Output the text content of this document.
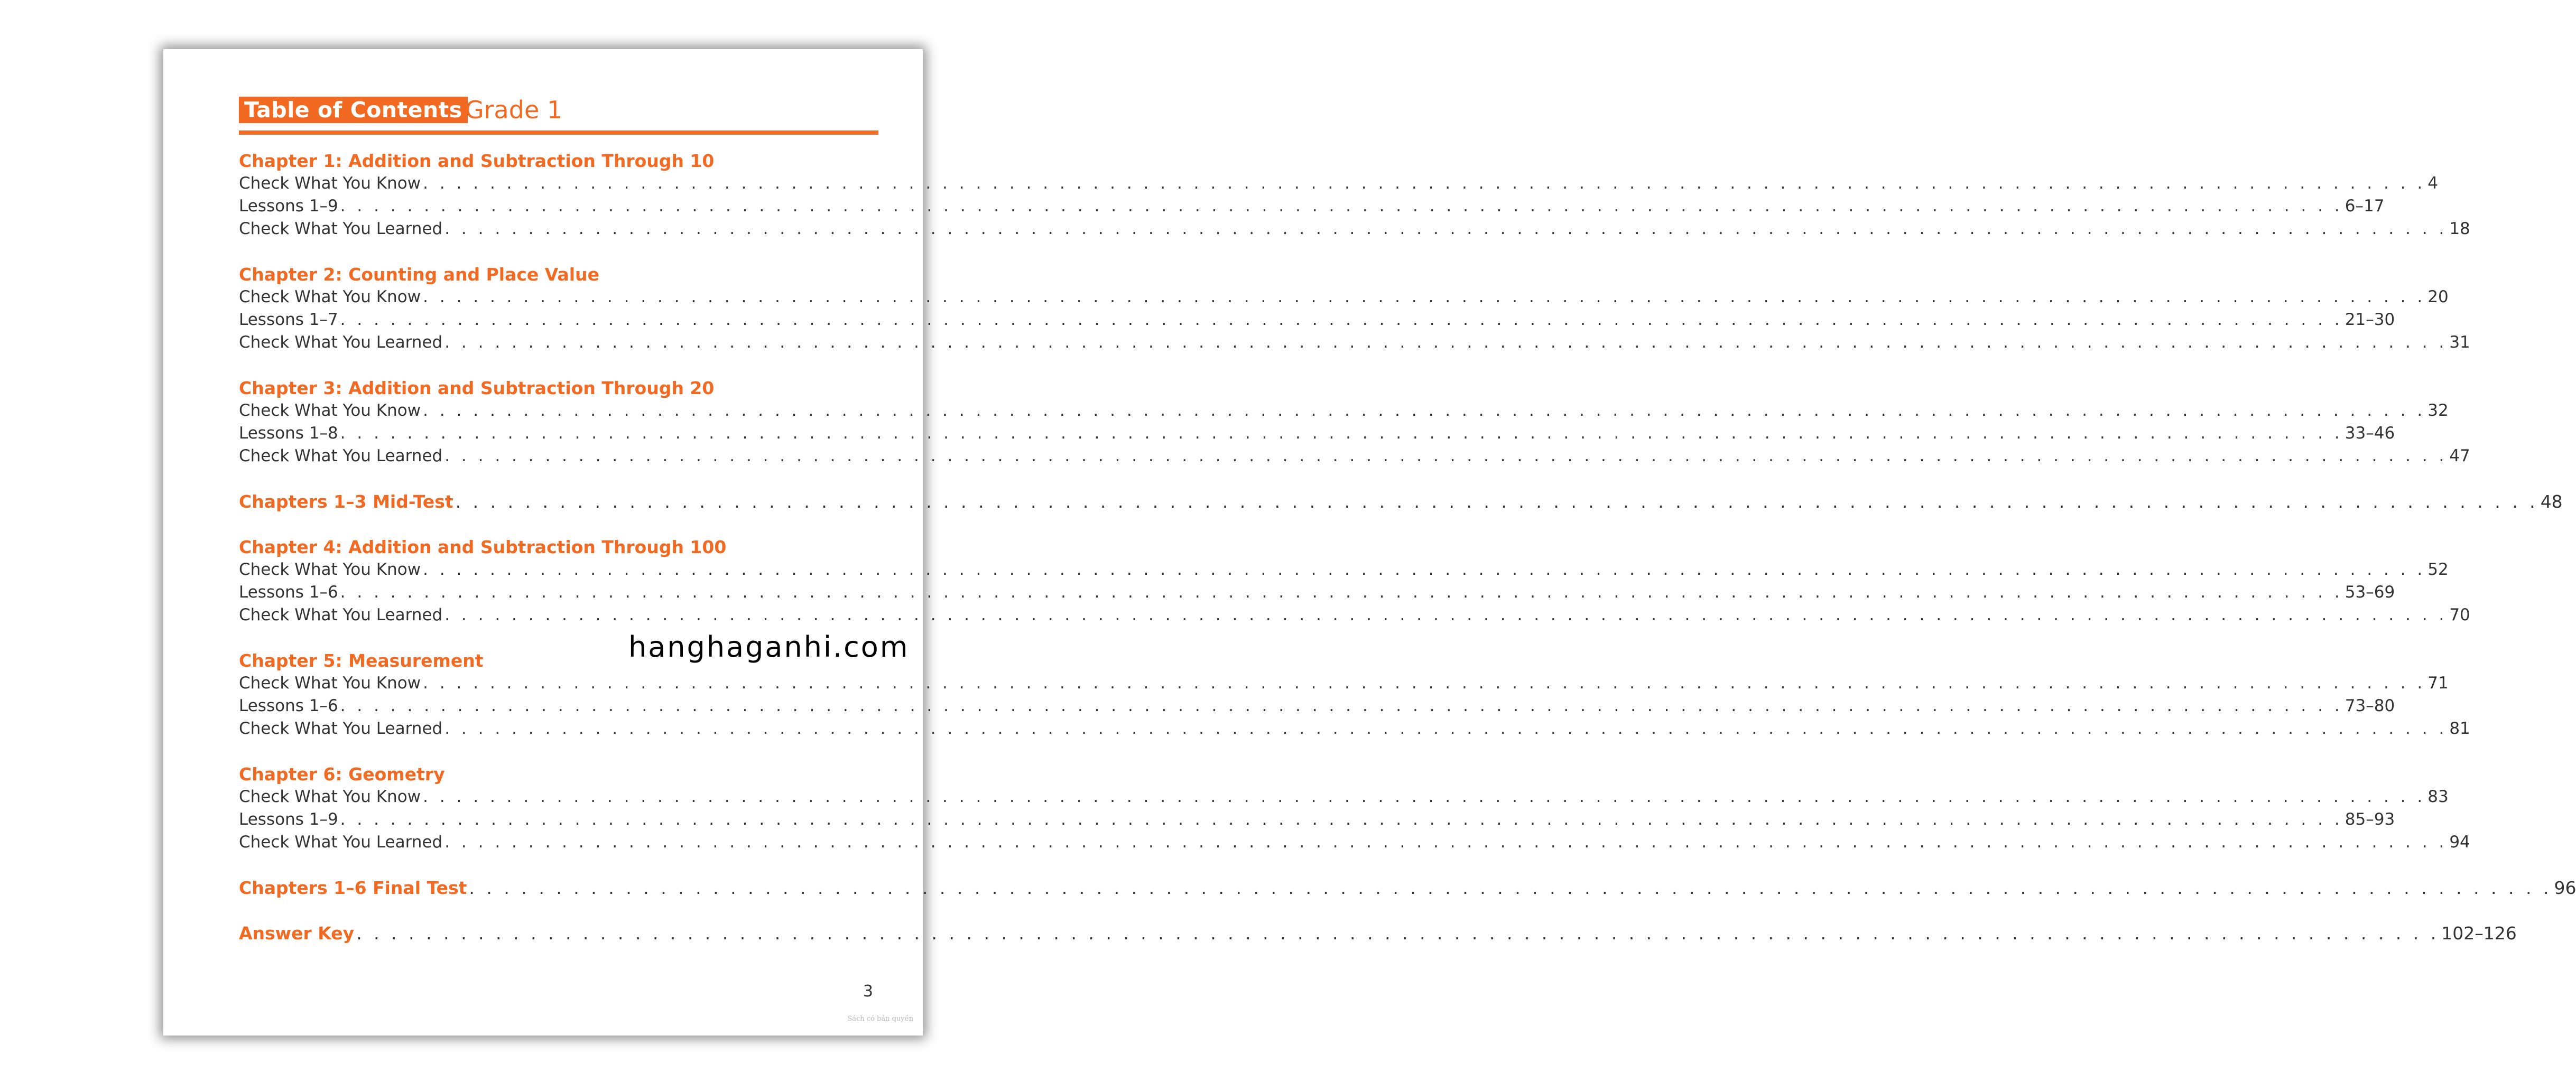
Table of Contents Grade 1
Chapter 1: Addition and Subtraction Through 10
Check What You Know . . . . . . . . . . . . . . . . . . . . . . . . . . . . . . . . . . . . . . . . . . . . . . . . . . . . . . . . . . . . . . . . . . . . . . . . . . . . . . . . . . . . . . . . . . . . . . . . . . . . . . . . . . . . . . . . . . . . . . . . 4
Lessons 1–9 . . . . . . . . . . . . . . . . . . . . . . . . . . . . . . . . . . . . . . . . . . . . . . . . . . . . . . . . . . . . . . . . . . . . . . . . . . . . . . . . . . . . . . . . . . . . . . . . . . . . . . . . . . . . . . . . . . . . . . . . 6–17
Check What You Learned . . . . . . . . . . . . . . . . . . . . . . . . . . . . . . . . . . . . . . . . . . . . . . . . . . . . . . . . . . . . . . . . . . . . . . . . . . . . . . . . . . . . . . . . . . . . . . . . . . . . . . . . . . . . . . . . . . . . . . . . 18
Chapter 2: Counting and Place Value
Check What You Know . . . . . . . . . . . . . . . . . . . . . . . . . . . . . . . . . . . . . . . . . . . . . . . . . . . . . . . . . . . . . . . . . . . . . . . . . . . . . . . . . . . . . . . . . . . . . . . . . . . . . . . . . . . . . . . . . . . . . . . . 20
Lessons 1–7 . . . . . . . . . . . . . . . . . . . . . . . . . . . . . . . . . . . . . . . . . . . . . . . . . . . . . . . . . . . . . . . . . . . . . . . . . . . . . . . . . . . . . . . . . . . . . . . . . . . . . . . . . . . . . . . . . . . . . . . . 21–30
Check What You Learned . . . . . . . . . . . . . . . . . . . . . . . . . . . . . . . . . . . . . . . . . . . . . . . . . . . . . . . . . . . . . . . . . . . . . . . . . . . . . . . . . . . . . . . . . . . . . . . . . . . . . . . . . . . . . . . . . . . . . . . . 31
Chapter 3: Addition and Subtraction Through 20
Check What You Know . . . . . . . . . . . . . . . . . . . . . . . . . . . . . . . . . . . . . . . . . . . . . . . . . . . . . . . . . . . . . . . . . . . . . . . . . . . . . . . . . . . . . . . . . . . . . . . . . . . . . . . . . . . . . . . . . . . . . . . . 32
Lessons 1–8 . . . . . . . . . . . . . . . . . . . . . . . . . . . . . . . . . . . . . . . . . . . . . . . . . . . . . . . . . . . . . . . . . . . . . . . . . . . . . . . . . . . . . . . . . . . . . . . . . . . . . . . . . . . . . . . . . . . . . . . . 33–46
Check What You Learned . . . . . . . . . . . . . . . . . . . . . . . . . . . . . . . . . . . . . . . . . . . . . . . . . . . . . . . . . . . . . . . . . . . . . . . . . . . . . . . . . . . . . . . . . . . . . . . . . . . . . . . . . . . . . . . . . . . . . . . . 47
Chapters 1–3 Mid-Test . . . . . . . . . . . . . . . . . . . . . . . . . . . . . . . . . . . . . . . . . . . . . . . . . . . . . . . . . . . . . . . . . . . . . . . . . . . . . . . . . . . . . . . . . . . . . . . . . . . . . . . . . . . . . . . . . . . . . . . . 48
Chapter 4: Addition and Subtraction Through 100
Check What You Know . . . . . . . . . . . . . . . . . . . . . . . . . . . . . . . . . . . . . . . . . . . . . . . . . . . . . . . . . . . . . . . . . . . . . . . . . . . . . . . . . . . . . . . . . . . . . . . . . . . . . . . . . . . . . . . . . . . . . . . . 52
Lessons 1–6 . . . . . . . . . . . . . . . . . . . . . . . . . . . . . . . . . . . . . . . . . . . . . . . . . . . . . . . . . . . . . . . . . . . . . . . . . . . . . . . . . . . . . . . . . . . . . . . . . . . . . . . . . . . . . . . . . . . . . . . . 53–69
Check What You Learned . . . . . . . . . . . . . . . . . . . . . . . . . . . . . . . . . . . . . . . . . . . . . . . . . . . . . . . . . . . . . . . . . . . . . . . . . . . . . . . . . . . . . . . . . . . . . . . . . . . . . . . . . . . . . . . . . . . . . . . . 70
Chapter 5: Measurement
Check What You Know . . . . . . . . . . . . . . . . . . . . . . . . . . . . . . . . . . . . . . . . . . . . . . . . . . . . . . . . . . . . . . . . . . . . . . . . . . . . . . . . . . . . . . . . . . . . . . . . . . . . . . . . . . . . . . . . . . . . . . . . 71
Lessons 1–6 . . . . . . . . . . . . . . . . . . . . . . . . . . . . . . . . . . . . . . . . . . . . . . . . . . . . . . . . . . . . . . . . . . . . . . . . . . . . . . . . . . . . . . . . . . . . . . . . . . . . . . . . . . . . . . . . . . . . . . . . 73–80
Check What You Learned . . . . . . . . . . . . . . . . . . . . . . . . . . . . . . . . . . . . . . . . . . . . . . . . . . . . . . . . . . . . . . . . . . . . . . . . . . . . . . . . . . . . . . . . . . . . . . . . . . . . . . . . . . . . . . . . . . . . . . . . 81
Chapter 6: Geometry
Check What You Know . . . . . . . . . . . . . . . . . . . . . . . . . . . . . . . . . . . . . . . . . . . . . . . . . . . . . . . . . . . . . . . . . . . . . . . . . . . . . . . . . . . . . . . . . . . . . . . . . . . . . . . . . . . . . . . . . . . . . . . . 83
Lessons 1–9 . . . . . . . . . . . . . . . . . . . . . . . . . . . . . . . . . . . . . . . . . . . . . . . . . . . . . . . . . . . . . . . . . . . . . . . . . . . . . . . . . . . . . . . . . . . . . . . . . . . . . . . . . . . . . . . . . . . . . . . . 85–93
Check What You Learned . . . . . . . . . . . . . . . . . . . . . . . . . . . . . . . . . . . . . . . . . . . . . . . . . . . . . . . . . . . . . . . . . . . . . . . . . . . . . . . . . . . . . . . . . . . . . . . . . . . . . . . . . . . . . . . . . . . . . . . . 94
Chapters 1–6 Final Test . . . . . . . . . . . . . . . . . . . . . . . . . . . . . . . . . . . . . . . . . . . . . . . . . . . . . . . . . . . . . . . . . . . . . . . . . . . . . . . . . . . . . . . . . . . . . . . . . . . . . . . . . . . . . . . . . . . . . . . . 96
Answer Key . . . . . . . . . . . . . . . . . . . . . . . . . . . . . . . . . . . . . . . . . . . . . . . . . . . . . . . . . . . . . . . . . . . . . . . . . . . . . . . . . . . . . . . . . . . . . . . . . . . . . . . . . . . . . . . . . . . . . . . . 102–126
hanghaganhi.com
3
Sách có bản quyền
